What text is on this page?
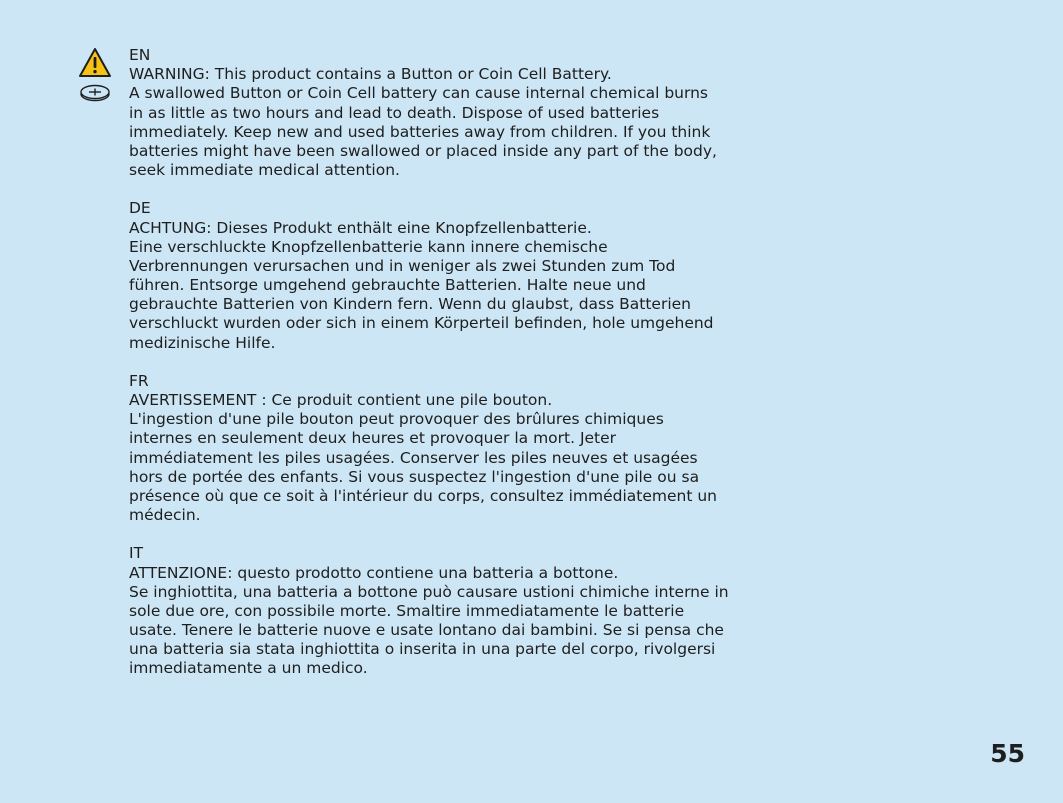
EN
WARNING: This product contains a Button or Coin Cell Battery.
A swallowed Button or Coin Cell battery can cause internal chemical burns
in as little as two hours and lead to death. Dispose of used batteries
immediately. Keep new and used batteries away from children. If you think
batteries might have been swallowed or placed inside any part of the body,
seek immediate medical attention.
DE
ACHTUNG: Dieses Produkt enthält eine Knopfzellenbatterie.
Eine verschluckte Knopfzellenbatterie kann innere chemische
Verbrennungen verursachen und in weniger als zwei Stunden zum Tod
führen. Entsorge umgehend gebrauchte Batterien. Halte neue und
gebrauchte Batterien von Kindern fern. Wenn du glaubst, dass Batterien
verschluckt wurden oder sich in einem Körperteil befinden, hole umgehend
medizinische Hilfe.
FR
AVERTISSEMENT : Ce produit contient une pile bouton.
L'ingestion d'une pile bouton peut provoquer des brûlures chimiques
internes en seulement deux heures et provoquer la mort. Jeter
immédiatement les piles usagées. Conserver les piles neuves et usagées
hors de portée des enfants. Si vous suspectez l'ingestion d'une pile ou sa
présence où que ce soit à l'intérieur du corps, consultez immédiatement un
médecin.
IT
ATTENZIONE: questo prodotto contiene una batteria a bottone.
Se inghiottita, una batteria a bottone può causare ustioni chimiche interne in
sole due ore, con possibile morte. Smaltire immediatamente le batterie
usate. Tenere le batterie nuove e usate lontano dai bambini. Se si pensa che
una batteria sia stata inghiottita o inserita in una parte del corpo, rivolgersi
immediatamente a un medico.
55
